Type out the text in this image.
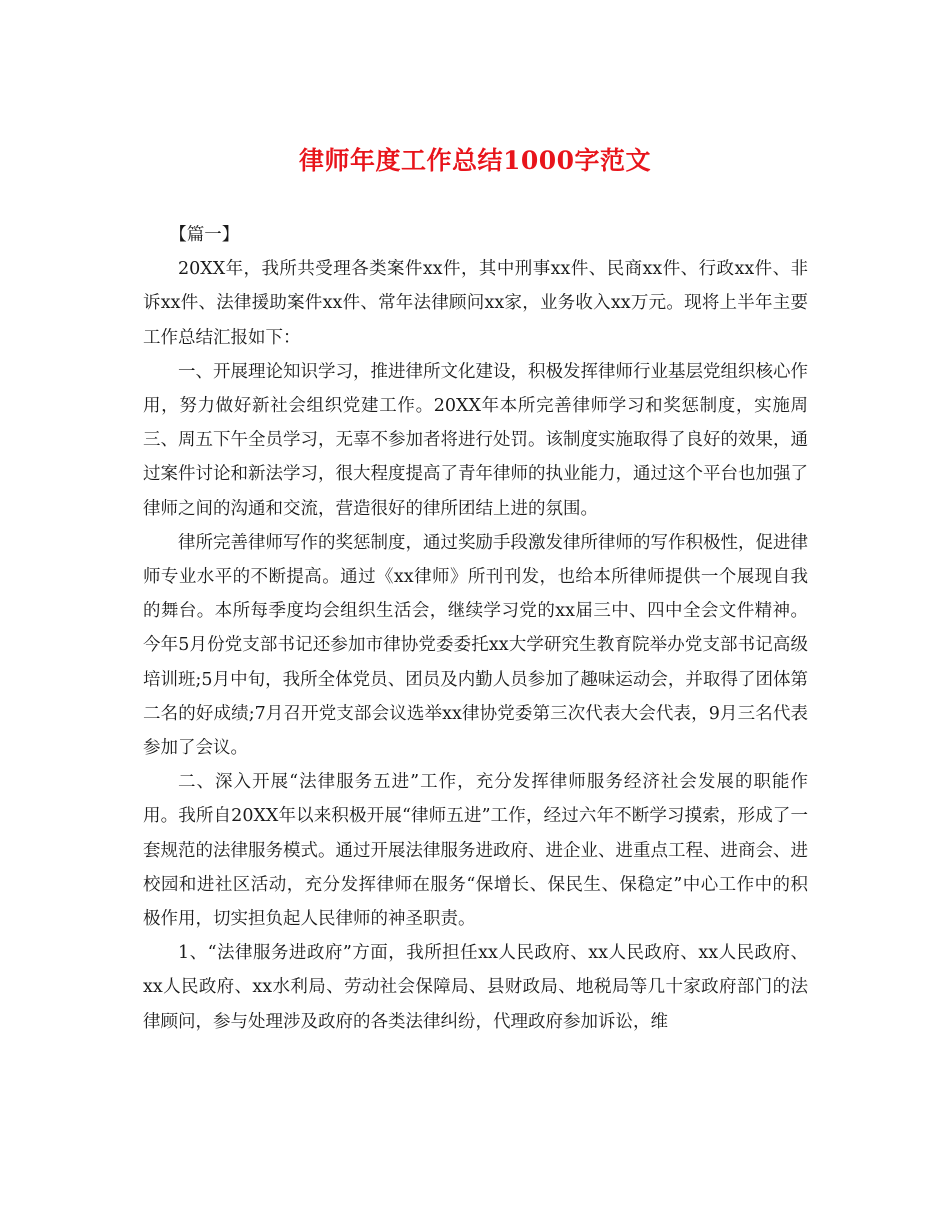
律师年度工作总结1000字范文

【篇一】

20XX年，我所共受理各类案件xx件，其中刑事xx件、民商xx件、行政xx件、非诉xx件、法律援助案件xx件、常年法律顾问xx家，业务收入xx万元。现将上半年主要工作总结汇报如下：

一、开展理论知识学习，推进律所文化建设，积极发挥律师行业基层党组织核心作用，努力做好新社会组织党建工作。20XX年本所完善律师学习和奖惩制度，实施周三、周五下午全员学习，无辜不参加者将进行处罚。该制度实施取得了良好的效果，通过案件讨论和新法学习，很大程度提高了青年律师的执业能力，通过这个平台也加强了律师之间的沟通和交流，营造很好的律所团结上进的氛围。

律所完善律师写作的奖惩制度，通过奖励手段激发律所律师的写作积极性，促进律师专业水平的不断提高。通过《xx律师》所刊刊发，也给本所律师提供一个展现自我的舞台。本所每季度均会组织生活会，继续学习党的xx届三中、四中全会文件精神。今年5月份党支部书记还参加市律协党委委托xx大学研究生教育院举办党支部书记高级培训班;5月中旬，我所全体党员、团员及内勤人员参加了趣味运动会，并取得了团体第二名的好成绩;7月召开党支部会议选举xx律协党委第三次代表大会代表，9月三名代表参加了会议。

二、深入开展“法律服务五进”工作，充分发挥律师服务经济社会发展的职能作用。我所自20XX年以来积极开展“律师五进”工作，经过六年不断学习摸索，形成了一套规范的法律服务模式。通过开展法律服务进政府、进企业、进重点工程、进商会、进校园和进社区活动，充分发挥律师在服务“保增长、保民生、保稳定”中心工作中的积极作用，切实担负起人民律师的神圣职责。

1、“法律服务进政府”方面，我所担任xx人民政府、xx人民政府、xx人民政府、xx人民政府、xx水利局、劳动社会保障局、县财政局、地税局等几十家政府部门的法律顾问，参与处理涉及政府的各类法律纠纷，代理政府参加诉讼，维
